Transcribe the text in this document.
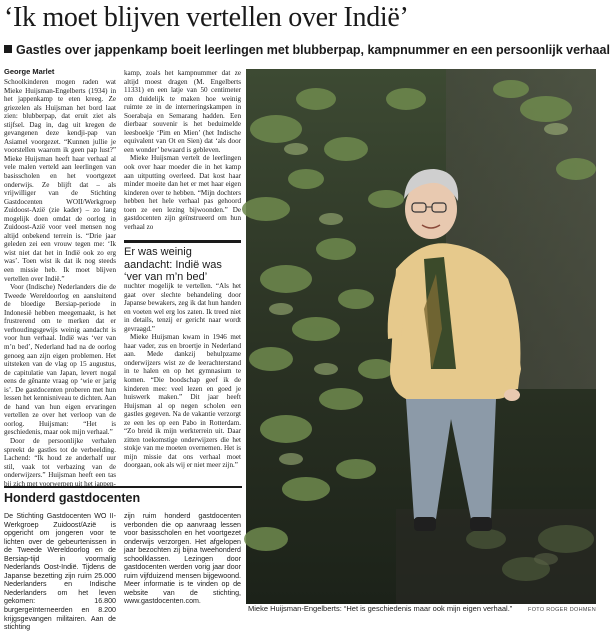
‘Ik moet blijven vertellen over Indië’
Gastles over jappenkamp boeit leerlingen met blubberpap, kampnummer en een persoonlijk verhaal
George Marlet

Schoolkinderen mogen raden wat Mieke Huijsman-Engelberts (1934) in het jappenkamp te eten kreeg. Ze griezelen als Huijsman het bord laat zien: blubberpap, dat eruit ziet als stijfsel. Dag in, dag uit kregen de gevangenen deze kendji-pap van Asiamel voorgezet. “Kunnen jullie je voorstellen waarom ik geen pap lust?” Mieke Huijsman heeft haar verhaal al vele malen verteld aan leerlingen van basisscholen en het voortgezet onderwijs. Ze blijft dat – als vrijwilliger van de Stichting Gastdocenten WOII/Werkgroep Zuidoost-Azië (zie kader) – zo lang mogelijk doen omdat de oorlog in Zuidoost-Azië voor veel mensen nog altijd onbekend terrein is. “Drie jaar geleden zei een vrouw tegen me: ‘Ik wist niet dat het in Indië ook zo erg was’. Toen wist ik dat ik nog steeds een missie heb. Ik moet blijven vertellen over Indië.”

Voor (Indische) Nederlanders die de Tweede Wereldoorlog en aansluitend de bloedige Bersiap-periode in Indonesië hebben meegemaakt, is het frustrerend om te merken dat er verhoudingsgewijs weinig aandacht is voor hun verhaal. Indië was ‘ver van m’n bed’, Nederland had na de oorlog genoeg aan zijn eigen problemen. Het uitsteken van de vlag op 15 augustus, de capitulatie van Japan, levert nogal eens de gênante vraag op ‘wie er jarig is’. De gastdocenten proberen met hun lessen het kennisniveau te dichten. Aan de hand van hun eigen ervaringen vertellen ze over het verloop van de oorlog. Huijsman: “Het is geschiedenis, maar ook mijn verhaal.”

Door de persoonlijke verhalen spreekt de gastles tot de verbeelding. Lachend: “Ik houd ze anderhalf uur stil, vaak tot verbazing van de onderwijzers.” Huijsman heeft een tas bij zich met voorwerpen uit het jappen-

kamp, zoals het kampnummer dat ze altijd moest dragen (M. Engelberts 11331) en een latje van 50 centimeter om duidelijk te maken hoe weinig ruimte ze in de interneringskampen in Soerabaja en Semarang hadden. Een dierbaar souvenir is het beduimelde leesboekje ‘Pim en Mien’ (het Indische equivalent van Ot en Sien) dat ‘als door een wonder’ bewaard is gebleven.

Mieke Huijsman vertelt de leerlingen ook over haar moeder die in het kamp aan uitputting overleed. Dat kost haar minder moeite dan het er met haar eigen kinderen over te hebben. “Mijn dochters hebben het hele verhaal pas gehoord toen ze een lezing bijwoonden.” De gastdocenten zijn geïnstrueerd om hun verhaal zo

Er was weinig aandacht: Indië was ‘ver van m’n bed’
Honderd gastdocenten
De Stichting Gastdocenten WO II-Werkgroep Zuidoost/Azië is opgericht om jongeren voor te lichten over de gebeurtenissen in de Tweede Wereldoorlog en de Bersiap-tijd in voormalig Nederlands Oost-Indië. Tijdens de Japanse bezetting zijn ruim 25.000 Nederlanders en Indische Nederlanders om het leven gekomen: 16.800 burgergeïnterneerden en 8.200 krijgsgevangen militairen. Aan de stichting
zijn ruim honderd gastdocenten verbonden die op aanvraag lessen voor basisscholen en het voortgezet onderwijs verzorgen. Het afgelopen jaar bezochten zij bijna tweehonderd schoolklassen. Lezingen door gastdocenten werden vorig jaar door ruim vijfduizend mensen bijgewoond. Meer informatie is te vinden op de website van de stichting, www.gastdocenten.com.
Mieke Huijsman-Engelberts: “Het is geschiedenis maar ook mijn eigen verhaal.”	FOTO ROGER DOHMEN

nuchter mogelijk te vertellen. “Als het gaat over slechte behandeling door Japanse bewakers, zeg ik dat hun handen en voeten wel erg los zaten. Ik treed niet in details, tenzij er gericht naar wordt gevraagd.”

Mieke Huijsman kwam in 1946 met haar vader, zus en broertje in Nederland aan. Mede dankzij behulpzame onderwijzers wist ze de leerachterstand in te halen en op het gymnasium te komen. “Die boodschap geef ik de kinderen mee: veel lezen en goed je huiswerk maken.” Dit jaar heeft Huijsman al op negen scholen een gastles gegeven. Na de vakantie verzorgt ze een les op een Pabo in Rotterdam. “Zo breid ik mijn werkterrein uit. Daar zitten toekomstige onderwijzers die het stokje van me moeten overnemen. Het is mijn missie dat ons verhaal moet doorgaan, ook als wij er niet meer zijn.”
